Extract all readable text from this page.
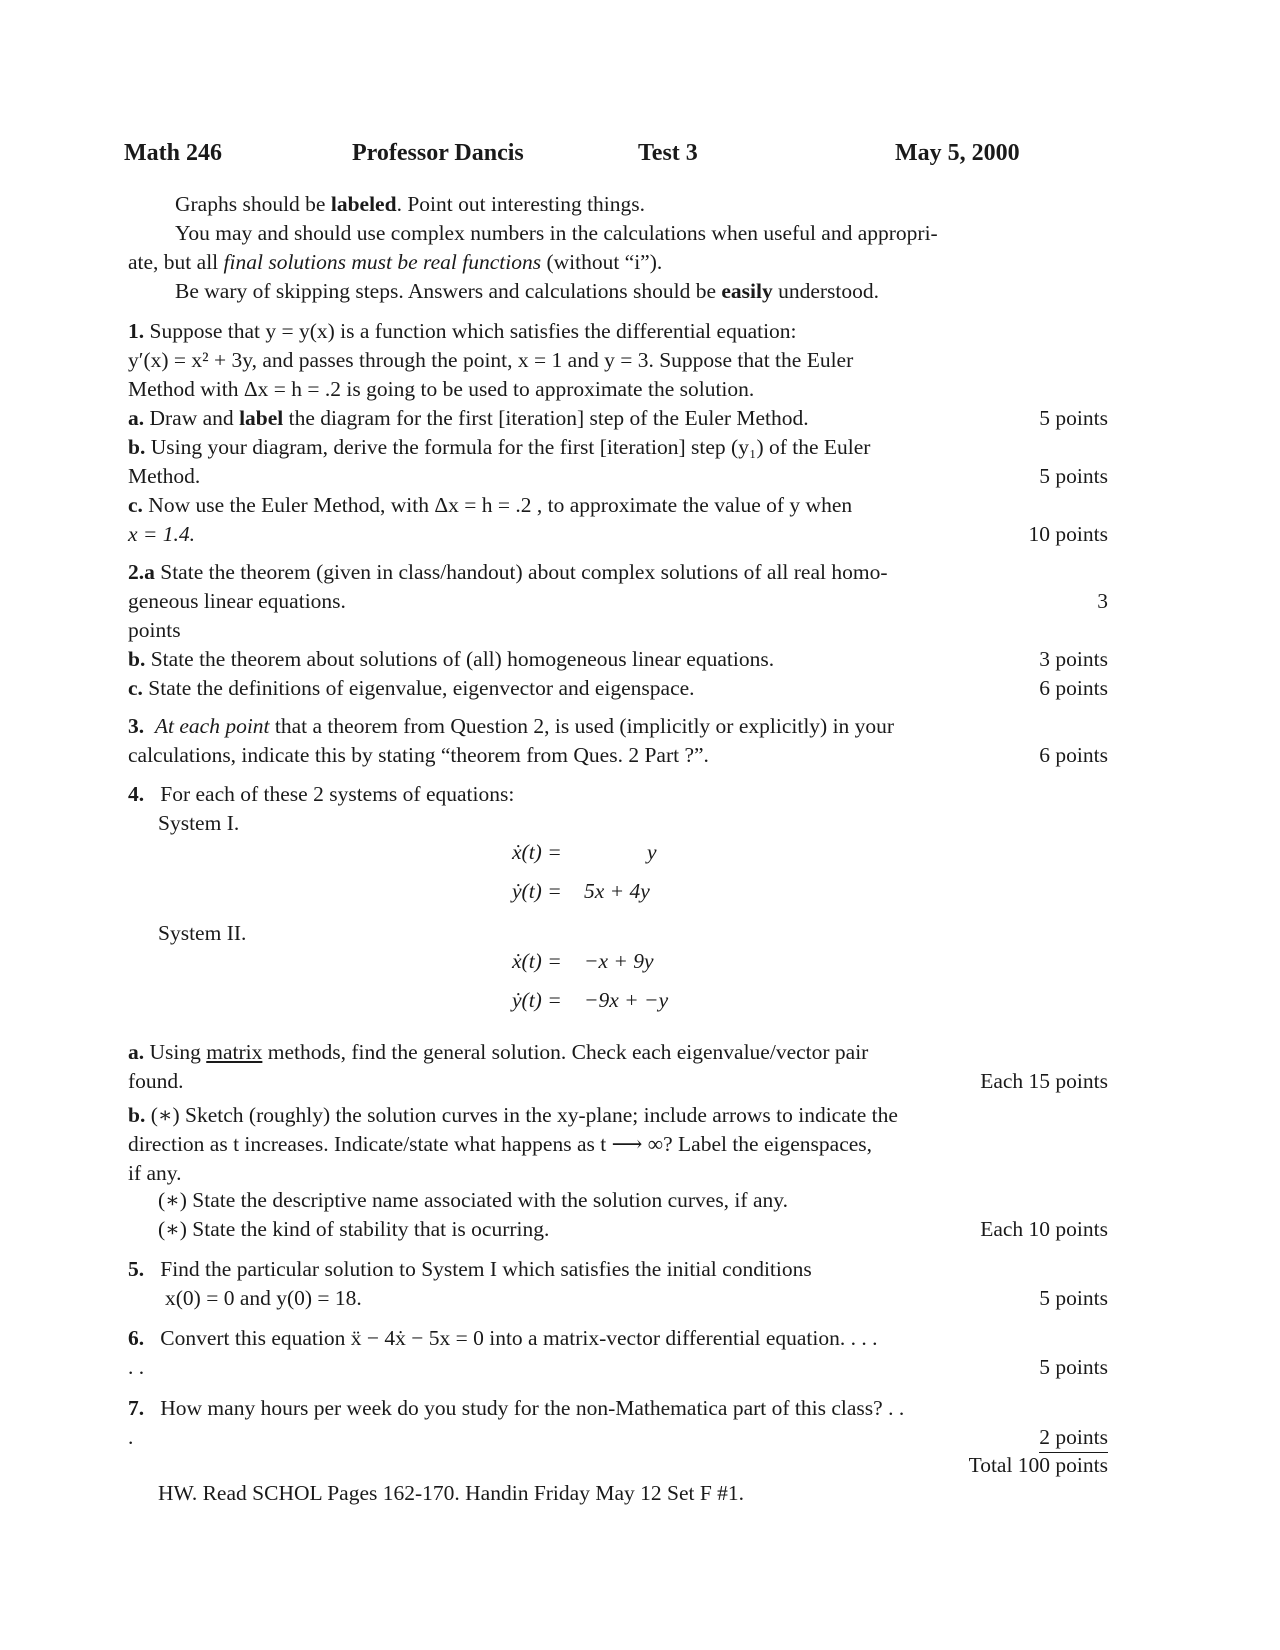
Math 246	Professor Dancis	Test 3	May 5, 2000
Graphs should be labeled. Point out interesting things.
You may and should use complex numbers in the calculations when useful and appropri-
ate, but all final solutions must be real functions (without “i”).
Be wary of skipping steps. Answers and calculations should be easily understood.
1. Suppose that y = y(x) is a function which satisfies the differential equation:
y′(x) = x² + 3y, and passes through the point, x = 1 and y = 3. Suppose that the Euler
Method with Δx = h = .2 is going to be used to approximate the solution.
a. Draw and label the diagram for the first [iteration] step of the Euler Method.	5 points
b. Using your diagram, derive the formula for the first [iteration] step (y₁) of the Euler
Method.	5 points
c. Now use the Euler Method, with Δx = h = .2 , to approximate the value of y when
x = 1.4.	10 points
2.a State the theorem (given in class/handout) about complex solutions of all real homo-
geneous linear equations.	3
points
b. State the theorem about solutions of (all) homogeneous linear equations.	3 points
c. State the definitions of eigenvalue, eigenvector and eigenspace.	6 points
3. At each point that a theorem from Question 2, is used (implicitly or explicitly) in your
calculations, indicate this by stating “theorem from Ques. 2 Part ?”.	6 points
4. For each of these 2 systems of equations:
System I.
ẋ(t) =	y
ẏ(t) = 5x + 4y
System II.
ẋ(t) = −x + 9y
ẏ(t) = −9x + −y
a. Using matrix methods, find the general solution. Check each eigenvalue/vector pair
found.	Each 15 points
b. (∗) Sketch (roughly) the solution curves in the xy-plane; include arrows to indicate the
direction as t increases. Indicate/state what happens as t ⟶ ∞? Label the eigenspaces,
if any.
(∗) State the descriptive name associated with the solution curves, if any.
(∗) State the kind of stability that is ocurring.	Each 10 points
5. Find the particular solution to System I which satisfies the initial conditions
x(0) = 0 and y(0) = 18.	5 points
6. Convert this equation ẍ − 4ẋ − 5x = 0 into a matrix-vector differential equation. . . .
. .	5 points
7. How many hours per week do you study for the non-Mathematica part of this class? . .
.	2 points
Total 100 points
HW. Read SCHOL Pages 162-170. Handin Friday May 12 Set F #1.
